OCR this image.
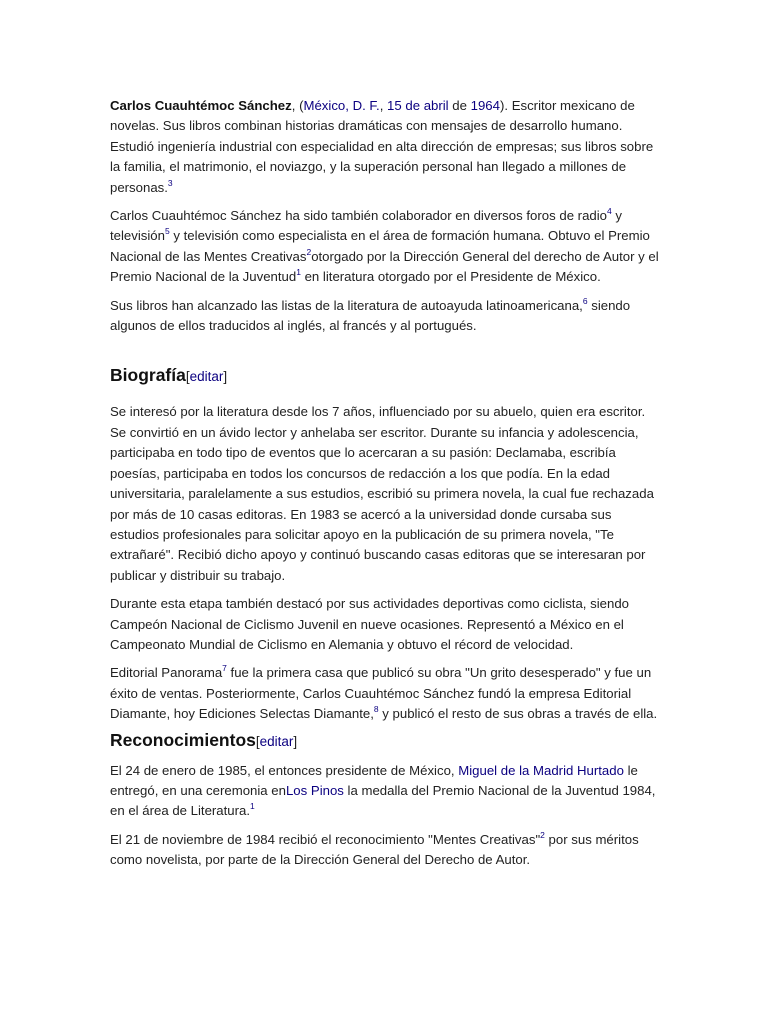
Carlos Cuauhtémoc Sánchez, (México, D. F., 15 de abril de 1964). Escritor mexicano de novelas. Sus libros combinan historias dramáticas con mensajes de desarrollo humano. Estudió ingeniería industrial con especialidad en alta dirección de empresas; sus libros sobre la familia, el matrimonio, el noviazgo, y la superación personal han llegado a millones de personas.$^3$

Carlos Cuauhtémoc Sánchez ha sido también colaborador en diversos foros de radio$^4$ y televisión$^5$ y televisión como especialista en el área de formación humana. Obtuvo el Premio Nacional de las Mentes Creativas$^2$otorgado por la Dirección General del derecho de Autor y el Premio Nacional de la Juventud$^1$ en literatura otorgado por el Presidente de México.

Sus libros han alcanzado las listas de la literatura de autoayuda latinoamericana,$^6$ siendo algunos de ellos traducidos al inglés, al francés y al portugués.

Biografía[editar]

Se interesó por la literatura desde los 7 años, influenciado por su abuelo, quien era escritor. Se convirtió en un ávido lector y anhelaba ser escritor. Durante su infancia y adolescencia, participaba en todo tipo de eventos que lo acercaran a su pasión: Declamaba, escribía poesías, participaba en todos los concursos de redacción a los que podía. En la edad universitaria, paralelamente a sus estudios, escribió su primera novela, la cual fue rechazada por más de 10 casas editoras. En 1983 se acercó a la universidad donde cursaba sus estudios profesionales para solicitar apoyo en la publicación de su primera novela, "Te extrañaré". Recibió dicho apoyo y continuó buscando casas editoras que se interesaran por publicar y distribuir su trabajo.

Durante esta etapa también destacó por sus actividades deportivas como ciclista, siendo Campeón Nacional de Ciclismo Juvenil en nueve ocasiones. Representó a México en el Campeonato Mundial de Ciclismo en Alemania y obtuvo el récord de velocidad.

Editorial Panorama$^7$ fue la primera casa que publicó su obra "Un grito desesperado" y fue un éxito de ventas. Posteriormente, Carlos Cuauhtémoc Sánchez fundó la empresa Editorial Diamante, hoy Ediciones Selectas Diamante,$^8$ y publicó el resto de sus obras a través de ella.

Reconocimientos[editar]

El 24 de enero de 1985, el entonces presidente de México, Miguel de la Madrid Hurtado le entregó, en una ceremonia enLos Pinos la medalla del Premio Nacional de la Juventud 1984, en el área de Literatura.$^1$

El 21 de noviembre de 1984 recibió el reconocimiento "Mentes Creativas"$^2$ por sus méritos como novelista, por parte de la Dirección General del Derecho de Autor.
